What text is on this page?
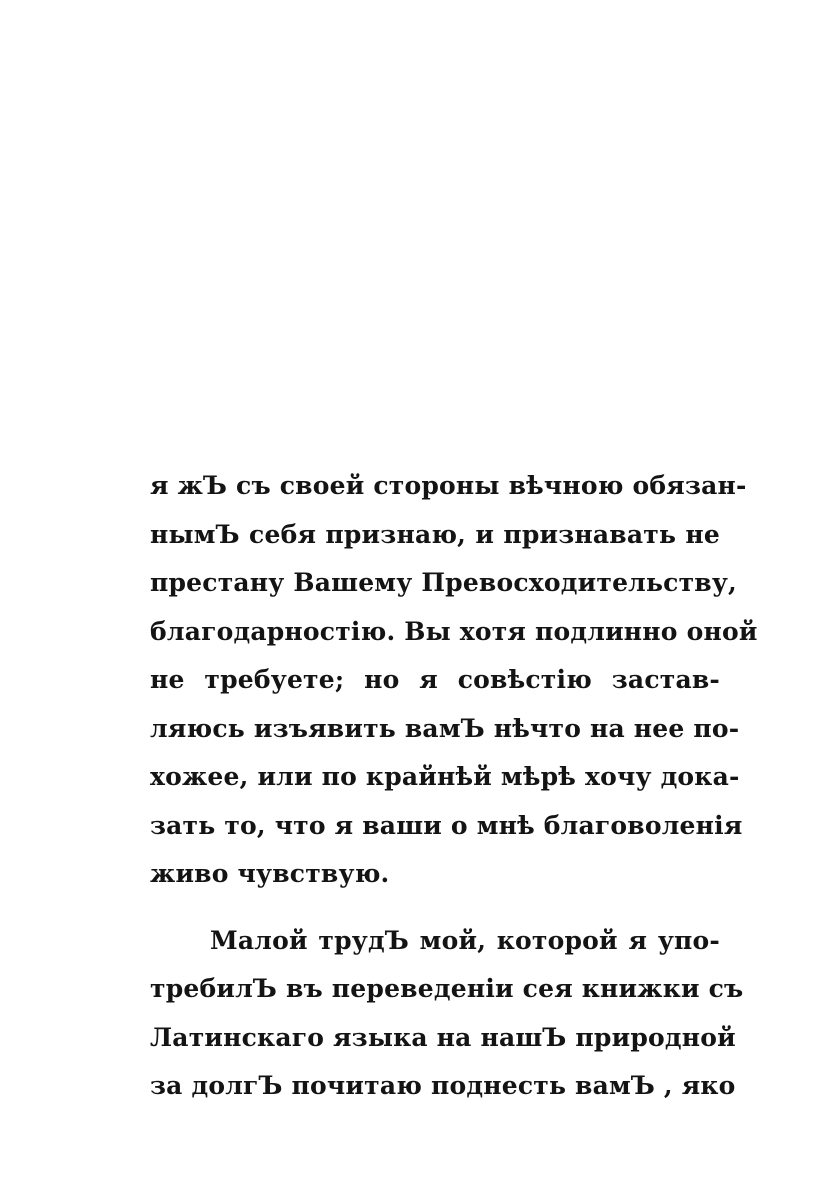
я жЪ съ своей стороны вѣчною обязан-
нымЪ себя признаю, и признавать не
престану Вашему Превосходительству,
благодарностію. Вы хотя подлинно оной
не требуете; но я совѣстію застав-
ляюсь изъявить вамЪ нѣчто на нее по-
хожее, или по крайнѣй мѣрѣ хочу дока-
зать то, что я ваши о мнѣ благоволенія
живо чувствую.
Малой трудЪ мой, которой я упо-
требилЪ въ переведеніи сея книжки съ
Латинскаго языка на нашЪ природной
за долгЪ почитаю поднесть вамЪ , яко
